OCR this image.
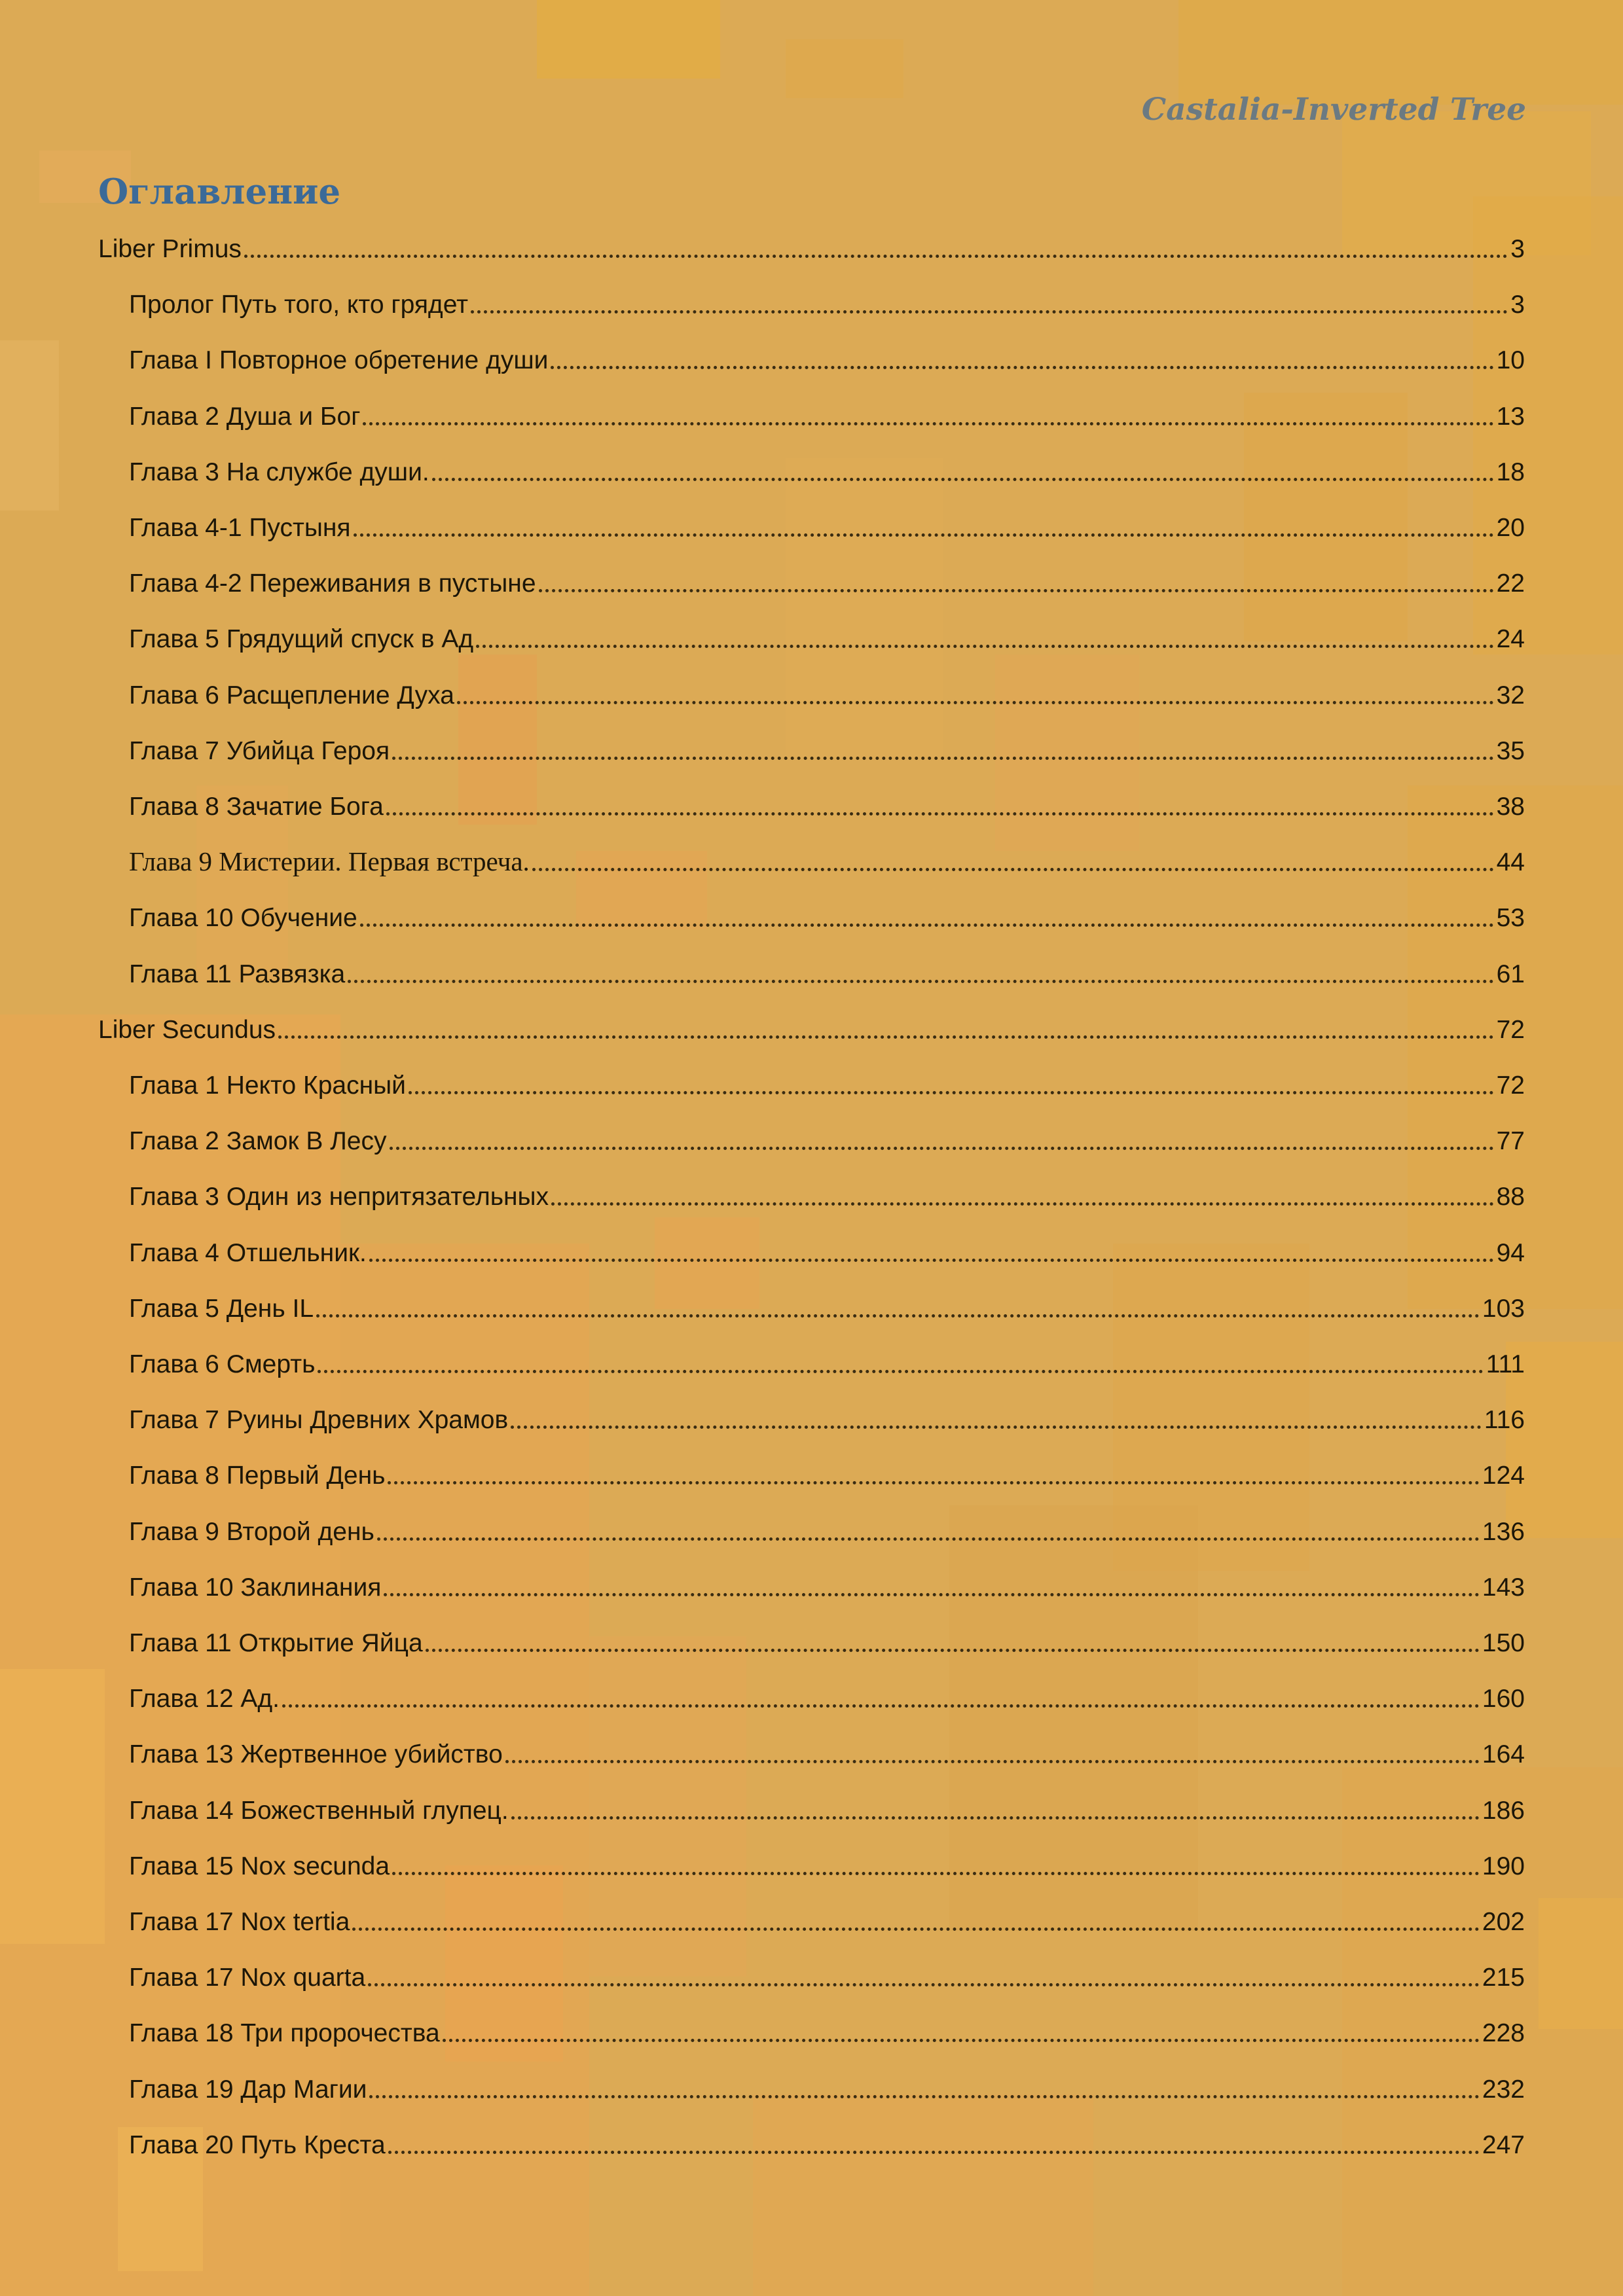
Castalia-Inverted Tree
Оглавление
Liber Primus	3
Пролог Путь того, кто грядет	3
Глава I Повторное обретение души	10
Глава 2 Душа и Бог	13
Глава 3 На службе души.	18
Глава 4-1 Пустыня	20
Глава 4-2 Переживания в пустыне	22
Глава 5 Грядущий спуск в Ад	24
Глава 6 Расщепление Духа	32
Глава 7 Убийца Героя	35
Глава 8 Зачатие Бога	38
Глава 9 Мистерии. Первая встреча.	44
Глава 10 Обучение	53
Глава 11 Развязка	61
Liber Secundus	72
Глава 1 Некто Красный	72
Глава 2 Замок В Лесу	77
Глава 3 Один из непритязательных	88
Глава 4 Отшельник.	94
Глава 5 День IL	103
Глава 6 Смерть	111
Глава 7 Руины Древних Храмов	116
Глава 8 Первый День	124
Глава 9 Второй день	136
Глава 10 Заклинания	143
Глава 11 Открытие Яйца	150
Глава 12 Ад.	160
Глава 13 Жертвенное убийство	164
Глава 14 Божественный глупец.	186
Глава 15 Nox secunda	190
Глава 17 Nox tertia	202
Глава 17 Nox quarta	215
Глава 18 Три пророчества	228
Глава 19 Дар Магии	232
Глава 20 Путь Креста	247
